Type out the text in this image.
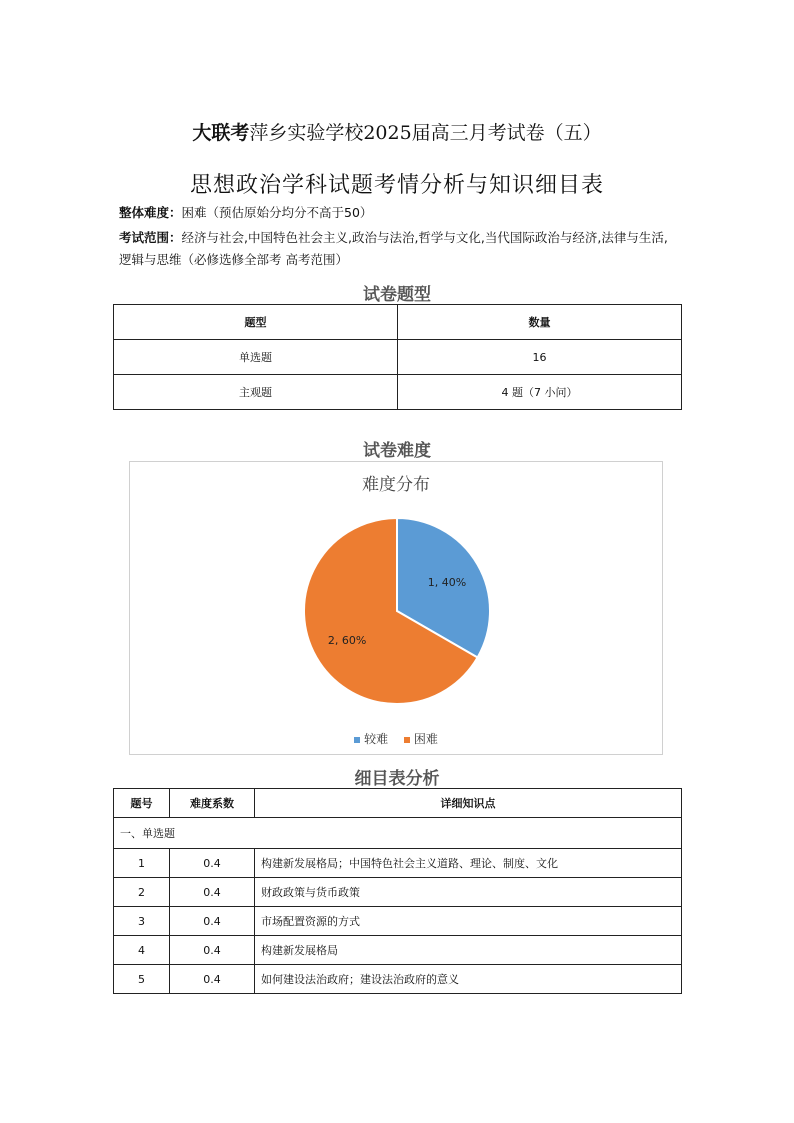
大联考萍乡实验学校2025届高三月考试卷（五）
思想政治学科试题考情分析与知识细目表
整体难度：困难（预估原始分均分不高于50）
考试范围：经济与社会,中国特色社会主义,政治与法治,哲学与文化,当代国际政治与经济,法律与生活,逻辑与思维（必修选修全部考 高考范围）
试卷题型
题型	数量
单选题	16
主观题	4 题（7 小问）
试卷难度
难度分布
1, 40%
2, 60%
较难 困难
细目表分析
题号	难度系数	详细知识点
一、单选题		
1	0.4	构建新发展格局；中国特色社会主义道路、理论、制度、文化
2	0.4	财政政策与货币政策
3	0.4	市场配置资源的方式
4	0.4	构建新发展格局
5	0.4	如何建设法治政府；建设法治政府的意义
